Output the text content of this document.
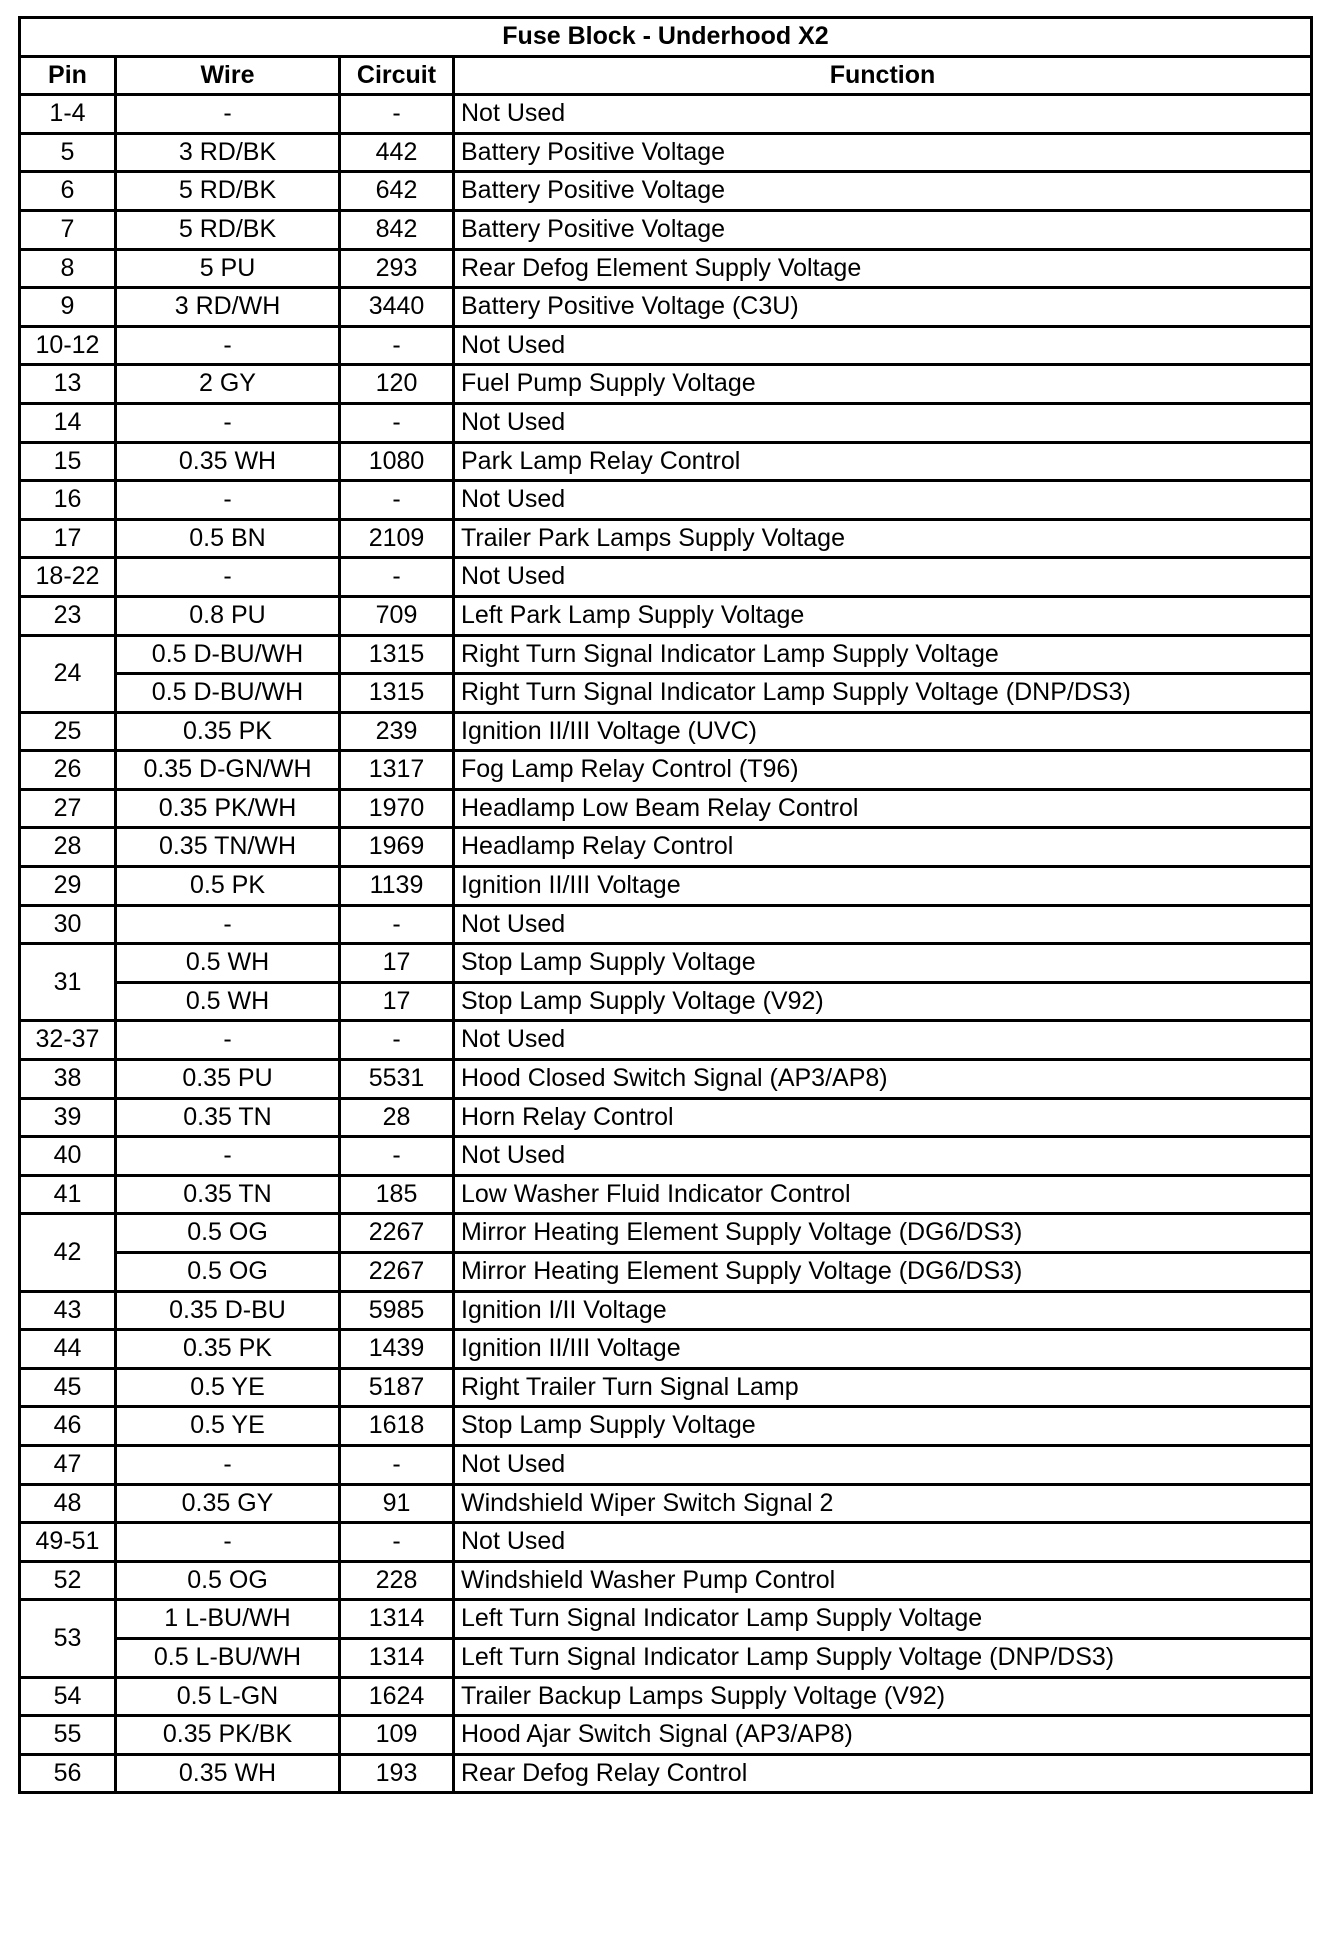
Fuse Block - Underhood X2			
Pin	Wire	Circuit	Function
1-4	-	-	Not Used
5	3 RD/BK	442	Battery Positive Voltage
6	5 RD/BK	642	Battery Positive Voltage
7	5 RD/BK	842	Battery Positive Voltage
8	5 PU	293	Rear Defog Element Supply Voltage
9	3 RD/WH	3440	Battery Positive Voltage (C3U)
10-12	-	-	Not Used
13	2 GY	120	Fuel Pump Supply Voltage
14	-	-	Not Used
15	0.35 WH	1080	Park Lamp Relay Control
16	-	-	Not Used
17	0.5 BN	2109	Trailer Park Lamps Supply Voltage
18-22	-	-	Not Used
23	0.8 PU	709	Left Park Lamp Supply Voltage
24	0.5 D-BU/WH	1315	Right Turn Signal Indicator Lamp Supply Voltage
	0.5 D-BU/WH	1315	Right Turn Signal Indicator Lamp Supply Voltage (DNP/DS3)
25	0.35 PK	239	Ignition II/III Voltage (UVC)
26	0.35 D-GN/WH	1317	Fog Lamp Relay Control (T96)
27	0.35 PK/WH	1970	Headlamp Low Beam Relay Control
28	0.35 TN/WH	1969	Headlamp Relay Control
29	0.5 PK	1139	Ignition II/III Voltage
30	-	-	Not Used
31	0.5 WH	17	Stop Lamp Supply Voltage
	0.5 WH	17	Stop Lamp Supply Voltage (V92)
32-37	-	-	Not Used
38	0.35 PU	5531	Hood Closed Switch Signal (AP3/AP8)
39	0.35 TN	28	Horn Relay Control
40	-	-	Not Used
41	0.35 TN	185	Low Washer Fluid Indicator Control
42	0.5 OG	2267	Mirror Heating Element Supply Voltage (DG6/DS3)
	0.5 OG	2267	Mirror Heating Element Supply Voltage (DG6/DS3)
43	0.35 D-BU	5985	Ignition I/II Voltage
44	0.35 PK	1439	Ignition II/III Voltage
45	0.5 YE	5187	Right Trailer Turn Signal Lamp
46	0.5 YE	1618	Stop Lamp Supply Voltage
47	-	-	Not Used
48	0.35 GY	91	Windshield Wiper Switch Signal 2
49-51	-	-	Not Used
52	0.5 OG	228	Windshield Washer Pump Control
53	1 L-BU/WH	1314	Left Turn Signal Indicator Lamp Supply Voltage
	0.5 L-BU/WH	1314	Left Turn Signal Indicator Lamp Supply Voltage (DNP/DS3)
54	0.5 L-GN	1624	Trailer Backup Lamps Supply Voltage (V92)
55	0.35 PK/BK	109	Hood Ajar Switch Signal (AP3/AP8)
56	0.35 WH	193	Rear Defog Relay Control
